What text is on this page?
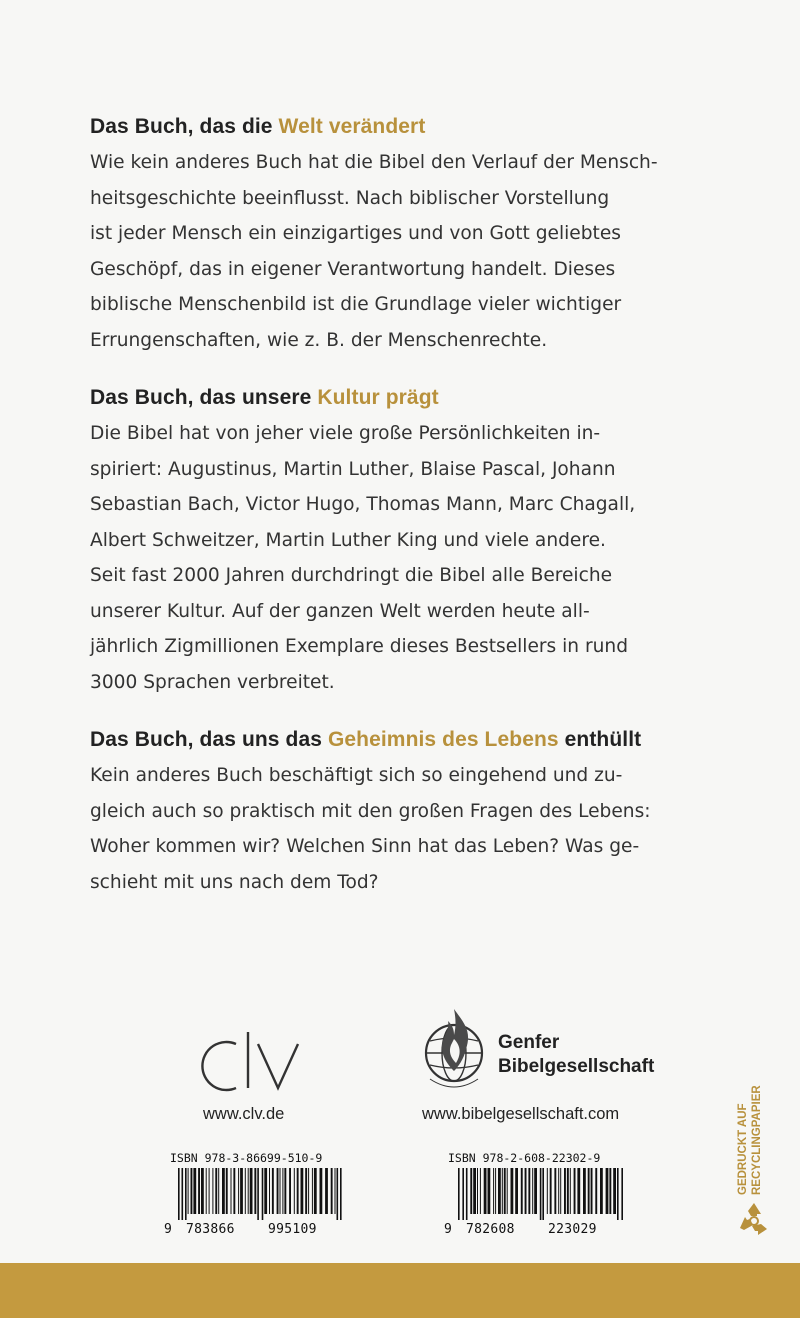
Das Buch, das die Welt verändert
Wie kein anderes Buch hat die Bibel den Verlauf der Mensch-
heitsgeschichte beeinflusst. Nach biblischer Vorstellung
ist jeder Mensch ein einzigartiges und von Gott geliebtes
Geschöpf, das in eigener Verantwortung handelt. Dieses
biblische Menschenbild ist die Grundlage vieler wichtiger
Errungenschaften, wie z. B. der Menschenrechte.
Das Buch, das unsere Kultur prägt
Die Bibel hat von jeher viele große Persönlichkeiten in-
spiriert: Augustinus, Martin Luther, Blaise Pascal, Johann
Sebastian Bach, Victor Hugo, Thomas Mann, Marc Chagall,
Albert Schweitzer, Martin Luther King und viele andere.
Seit fast 2000 Jahren durchdringt die Bibel alle Bereiche
unserer Kultur. Auf der ganzen Welt werden heute all-
jährlich Zigmillionen Exemplare dieses Bestsellers in rund
3000 Sprachen verbreitet.
Das Buch, das uns das Geheimnis des Lebens enthüllt
Kein anderes Buch beschäftigt sich so eingehend und zu-
gleich auch so praktisch mit den großen Fragen des Lebens:
Woher kommen wir? Welchen Sinn hat das Leben? Was ge-
schieht mit uns nach dem Tod?
www.clv.de
Genfer
Bibelgesellschaft
www.bibelgesellschaft.com
ISBN 978-3-86699-510-9
9 783866	995109
ISBN 978-2-608-22302-9
9 782608	223029
GEDRUCKT AUF RECYCLINGPAPIER
